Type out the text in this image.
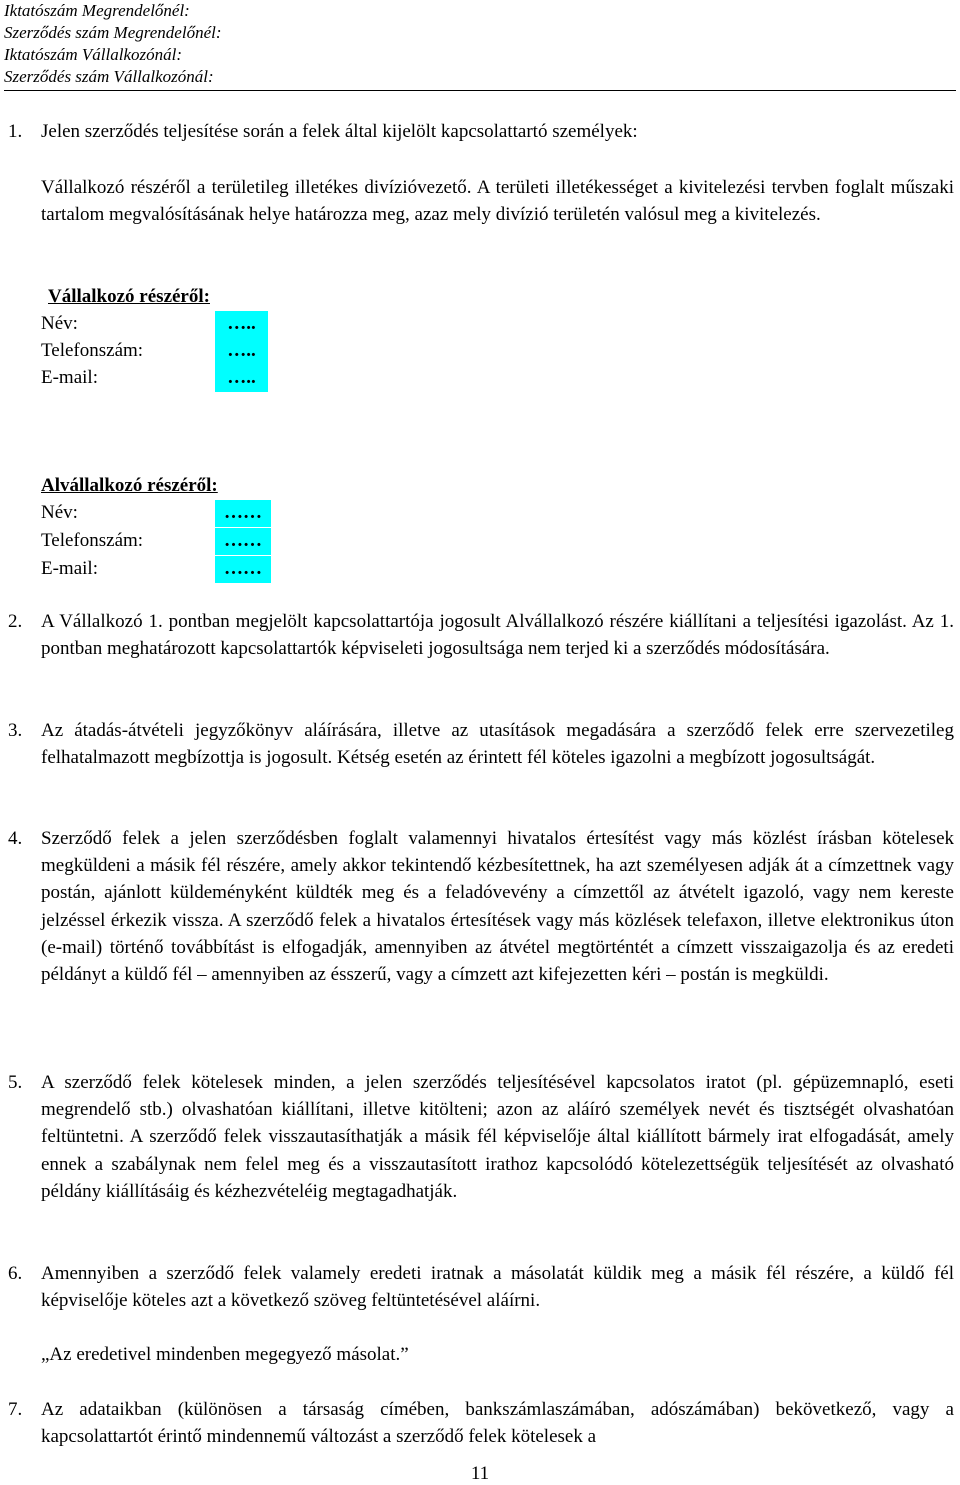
Iktatószám Megrendelőnél:
Szerződés szám Megrendelőnél:
Iktatószám Vállalkozónál:
Szerződés szám Vállalkozónál:
1. Jelen szerződés teljesítése során a felek által kijelölt kapcsolattartó személyek:
Vállalkozó részéről a területileg illetékes divízióvezető. A területi illetékességet a kivitelezési tervben foglalt műszaki tartalom megvalósításának helye határozza meg, azaz mely divízió területén valósul meg a kivitelezés.
Vállalkozó részéről:
Név:	…..
Telefonszám:	…..
E-mail:	…..
Alvállalkozó részéről:
Név:	……
Telefonszám:	……
E-mail:	……
2. A Vállalkozó 1. pontban megjelölt kapcsolattartója jogosult Alvállalkozó részére kiállítani a teljesítési igazolást. Az 1. pontban meghatározott kapcsolattartók képviseleti jogosultsága nem terjed ki a szerződés módosítására.
3. Az átadás-átvételi jegyzőkönyv aláírására, illetve az utasítások megadására a szerződő felek erre szervezetileg felhatalmazott megbízottja is jogosult. Kétség esetén az érintett fél köteles igazolni a megbízott jogosultságát.
4. Szerződő felek a jelen szerződésben foglalt valamennyi hivatalos értesítést vagy más közlést írásban kötelesek megküldeni a másik fél részére, amely akkor tekintendő kézbesítettnek, ha azt személyesen adják át a címzettnek vagy postán, ajánlott küldeményként küldték meg és a feladóvevény a címzettől az átvételt igazoló, vagy nem kereste jelzéssel érkezik vissza. A szerződő felek a hivatalos értesítések vagy más közlések telefaxon, illetve elektronikus úton (e-mail) történő továbbítást is elfogadják, amennyiben az átvétel megtörténtét a címzett visszaigazolja és az eredeti példányt a küldő fél – amennyiben az ésszerű, vagy a címzett azt kifejezetten kéri – postán is megküldi.
5. A szerződő felek kötelesek minden, a jelen szerződés teljesítésével kapcsolatos iratot (pl. gépüzemnapló, eseti megrendelő stb.) olvashatóan kiállítani, illetve kitölteni; azon az aláíró személyek nevét és tisztségét olvashatóan feltüntetni. A szerződő felek visszautasíthatják a másik fél képviselője által kiállított bármely irat elfogadását, amely ennek a szabálynak nem felel meg és a visszautasított irathoz kapcsolódó kötelezettségük teljesítését az olvasható példány kiállításáig és kézhezvételéig megtagadhatják.
6. Amennyiben a szerződő felek valamely eredeti iratnak a másolatát küldik meg a másik fél részére, a küldő fél képviselője köteles azt a következő szöveg feltüntetésével aláírni.
„Az eredetivel mindenben megegyező másolat.”
7. Az adataikban (különösen a társaság címében, bankszámlaszámában, adószámában) bekövetkező, vagy a kapcsolattartót érintő mindennemű változást a szerződő felek kötelesek a
11
